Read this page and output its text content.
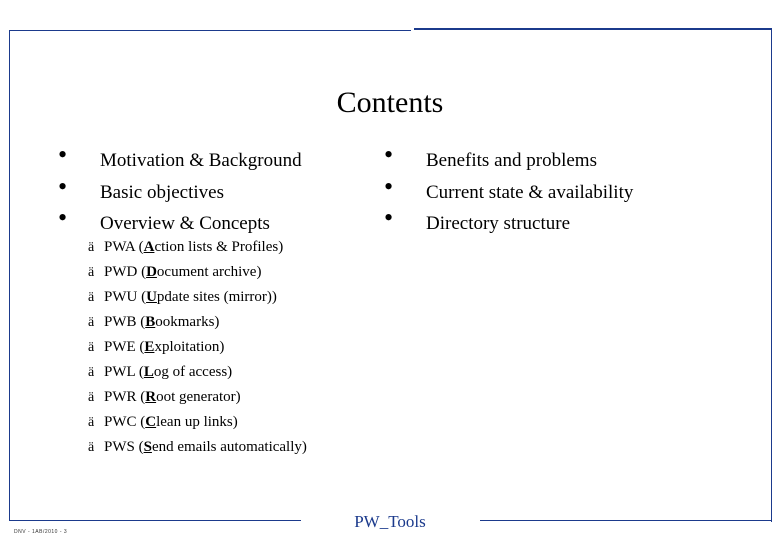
Contents
• Motivation & Background
• Basic objectives
• Overview & Concepts
• Benefits and problems
• Current state & availability
• Directory structure
ä PWA (Action lists & Profiles)
ä PWD (Document archive)
ä PWU (Update sites (mirror))
ä PWB (Bookmarks)
ä PWE (Exploitation)
ä PWL (Log of access)
ä PWR (Root generator)
ä PWC (Clean up links)
ä PWS (Send emails automatically)
PW_Tools
DNV - 1AB/2010 - 3
